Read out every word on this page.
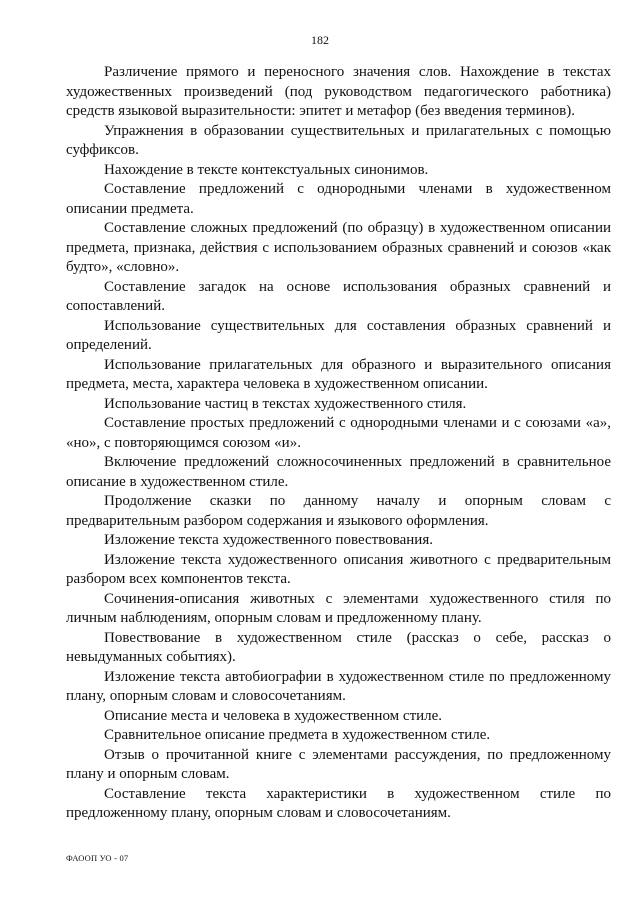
182

Различение прямого и переносного значения слов. Нахождение в текстах художественных произведений (под руководством педагогического работника) средств языковой выразительности: эпитет и метафор (без введения терминов).

Упражнения в образовании существительных и прилагательных с помощью суффиксов.

Нахождение в тексте контекстуальных синонимов.

Составление предложений с однородными членами в художественном описании предмета.

Составление сложных предложений (по образцу) в художественном описании предмета, признака, действия с использованием образных сравнений и союзов «как будто», «словно».

Составление загадок на основе использования образных сравнений и сопоставлений.

Использование существительных для составления образных сравнений и определений.

Использование прилагательных для образного и выразительного описания предмета, места, характера человека в художественном описании.

Использование частиц в текстах художественного стиля.

Составление простых предложений с однородными членами и с союзами «а», «но», с повторяющимся союзом «и».

Включение предложений сложносочиненных предложений в сравнительное описание в художественном стиле.

Продолжение сказки по данному началу и опорным словам с предварительным разбором содержания и языкового оформления.

Изложение текста художественного повествования.

Изложение текста художественного описания животного с предварительным разбором всех компонентов текста.

Сочинения-описания животных с элементами художественного стиля по личным наблюдениям, опорным словам и предложенному плану.

Повествование в художественном стиле (рассказ о себе, рассказ о невыдуманных событиях).

Изложение текста автобиографии в художественном стиле по предложенному плану, опорным словам и словосочетаниям.

Описание места и человека в художественном стиле.

Сравнительное описание предмета в художественном стиле.

Отзыв о прочитанной книге с элементами рассуждения, по предложенному плану и опорным словам.

Составление текста характеристики в художественном стиле по предложенному плану, опорным словам и словосочетаниям.

ФАООП УО - 07
